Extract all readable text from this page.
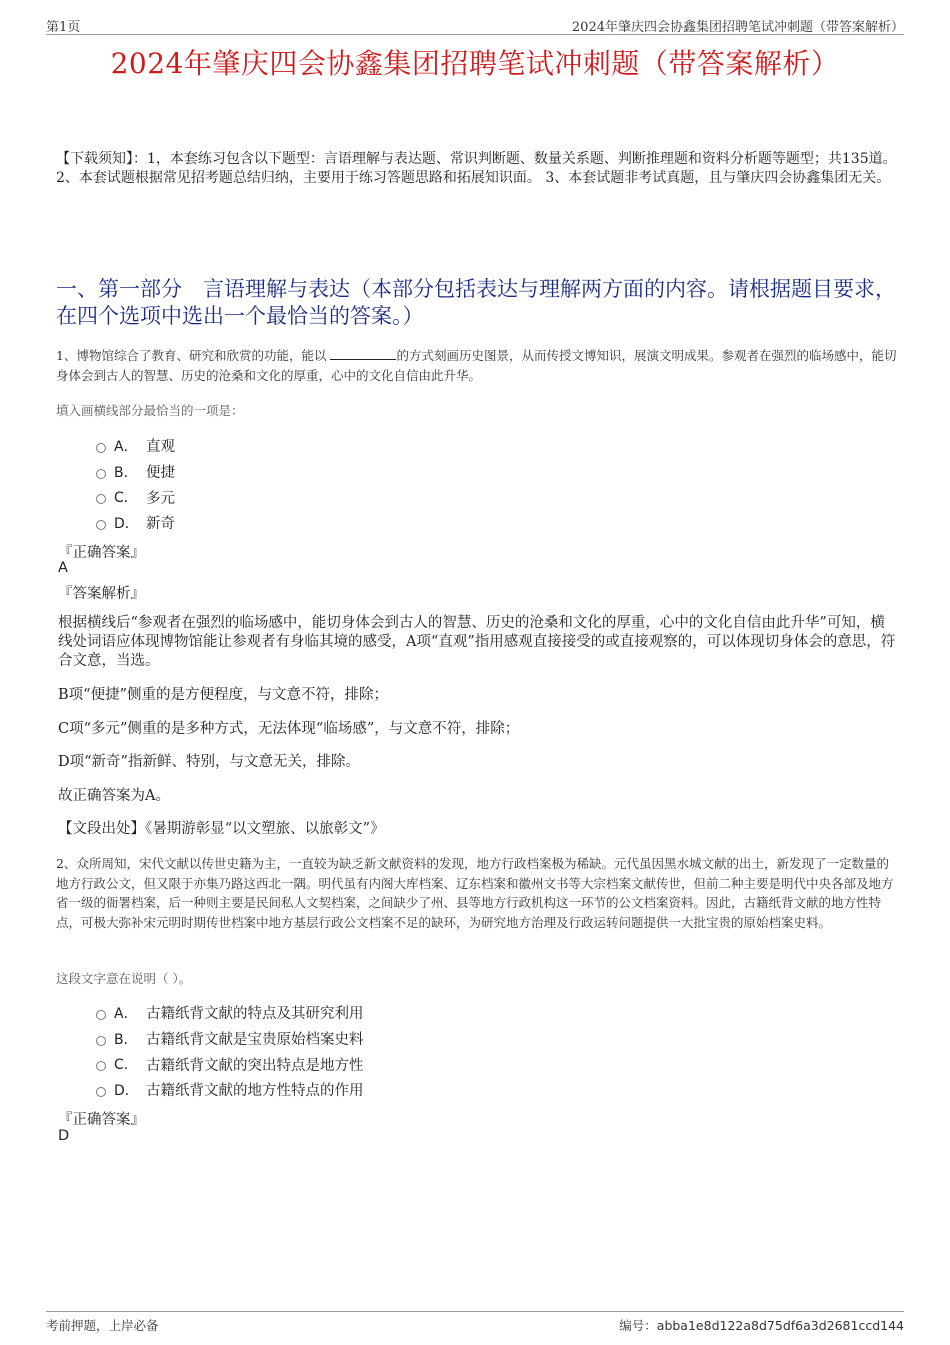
第1页	2024年肇庆四会协鑫集团招聘笔试冲刺题（带答案解析）
2024年肇庆四会协鑫集团招聘笔试冲刺题（带答案解析）
【下载须知】：1，本套练习包含以下题型：言语理解与表达题、常识判断题、数量关系题、判断推理题和资料分析题等题型；共135道。 2、本套试题根据常见招考题总结归纳，主要用于练习答题思路和拓展知识面。 3、本套试题非考试真题，且与肇庆四会协鑫集团无关。
一、第一部分　言语理解与表达（本部分包括表达与理解两方面的内容。请根据题目要求，在四个选项中选出一个最恰当的答案。）
1、博物馆综合了教育、研究和欣赏的功能，能以	的方式刻画历史图景，从而传授文博知识，展演文明成果。参观者在强烈的临场感中，能切身体会到古人的智慧、历史的沧桑和文化的厚重，心中的文化自信由此升华。
填入画横线部分最恰当的一项是：
A． 直观
B． 便捷
C． 多元
D． 新奇
『正确答案』
A
『答案解析』
根据横线后“参观者在强烈的临场感中，能切身体会到古人的智慧、历史的沧桑和文化的厚重，心中的文化自信由此升华”可知，横线处词语应体现博物馆能让参观者有身临其境的感受，A项“直观”指用感观直接接受的或直接观察的，可以体现切身体会的意思，符合文意，当选。
B项“便捷”侧重的是方便程度，与文意不符，排除；
C项“多元”侧重的是多种方式，无法体现“临场感”，与文意不符，排除；
D项“新奇”指新鲜、特别，与文意无关，排除。
故正确答案为A。
【文段出处】《暑期游彰显“以文塑旅、以旅彰文”》
2、众所周知，宋代文献以传世史籍为主，一直较为缺乏新文献资料的发现，地方行政档案极为稀缺。元代虽因黑水城文献的出土，新发现了一定数量的地方行政公文，但又限于亦集乃路这西北一隅。明代虽有内阁大库档案、辽东档案和徽州文书等大宗档案文献传世，但前二种主要是明代中央各部及地方省一级的衙署档案，后一种则主要是民间私人文契档案，之间缺少了州、县等地方行政机构这一环节的公文档案资料。因此，古籍纸背文献的地方性特点，可极大弥补宋元明时期传世档案中地方基层行政公文档案不足的缺环，为研究地方治理及行政运转问题提供一大批宝贵的原始档案史料。
这段文字意在说明（ ）。
A． 古籍纸背文献的特点及其研究利用
B． 古籍纸背文献是宝贵原始档案史料
C． 古籍纸背文献的突出特点是地方性
D． 古籍纸背文献的地方性特点的作用
『正确答案』
D
考前押题，上岸必备	编号：abba1e8d122a8d75df6a3d2681ccd144
